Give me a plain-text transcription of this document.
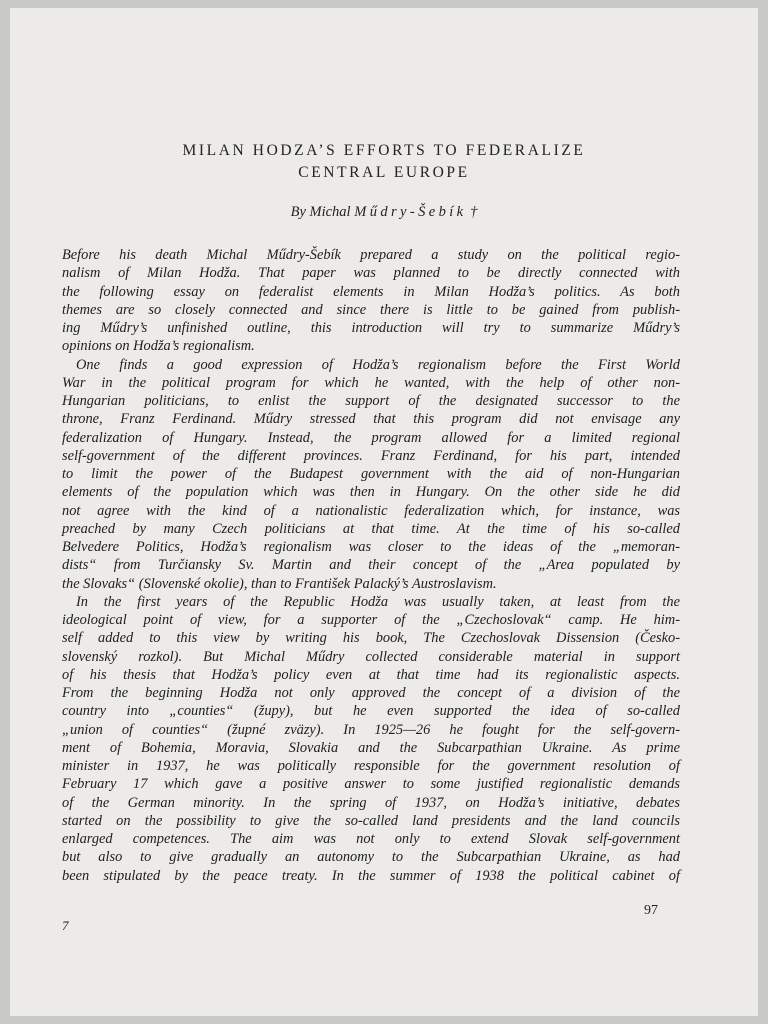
MILAN HODZA’S EFFORTS TO FEDERALIZE
CENTRAL EUROPE
By Michal Műdry-Šebík †
Before his death Michal Műdry-Šebík prepared a study on the political regio-
nalism of Milan Hodža. That paper was planned to be directly connected with
the following essay on federalist elements in Milan Hodža’s politics. As both
themes are so closely connected and since there is little to be gained from publish-
ing Műdry’s unfinished outline, this introduction will try to summarize Műdry’s
opinions on Hodža’s regionalism.
One finds a good expression of Hodža’s regionalism before the First World
War in the political program for which he wanted, with the help of other non-
Hungarian politicians, to enlist the support of the designated successor to the
throne, Franz Ferdinand. Műdry stressed that this program did not envisage any
federalization of Hungary. Instead, the program allowed for a limited regional
self-government of the different provinces. Franz Ferdinand, for his part, intended
to limit the power of the Budapest government with the aid of non-Hungarian
elements of the population which was then in Hungary. On the other side he did
not agree with the kind of a nationalistic federalization which, for instance, was
preached by many Czech politicians at that time. At the time of his so-called
Belvedere Politics, Hodža’s regionalism was closer to the ideas of the „memoran-
dists“ from Turčiansky Sv. Martin and their concept of the „Area populated by
the Slovaks“ (Slovenské okolie), than to František Palacký’s Austroslavism.
In the first years of the Republic Hodža was usually taken, at least from the
ideological point of view, for a supporter of the „Czechoslovak“ camp. He him-
self added to this view by writing his book, The Czechoslovak Dissension (Česko-
slovenský rozkol). But Michal Műdry collected considerable material in support
of his thesis that Hodža’s policy even at that time had its regionalistic aspects.
From the beginning Hodža not only approved the concept of a division of the
country into „counties“ (župy), but he even supported the idea of so-called
„union of counties“ (župné zväzy). In 1925—26 he fought for the self-govern-
ment of Bohemia, Moravia, Slovakia and the Subcarpathian Ukraine. As prime
minister in 1937, he was politically responsible for the government resolution of
February 17 which gave a positive answer to some justified regionalistic demands
of the German minority. In the spring of 1937, on Hodža’s initiative, debates
started on the possibility to give the so-called land presidents and the land councils
enlarged competences. The aim was not only to extend Slovak self-government
but also to give gradually an autonomy to the Subcarpathian Ukraine, as had
been stipulated by the peace treaty. In the summer of 1938 the political cabinet of
97
7
